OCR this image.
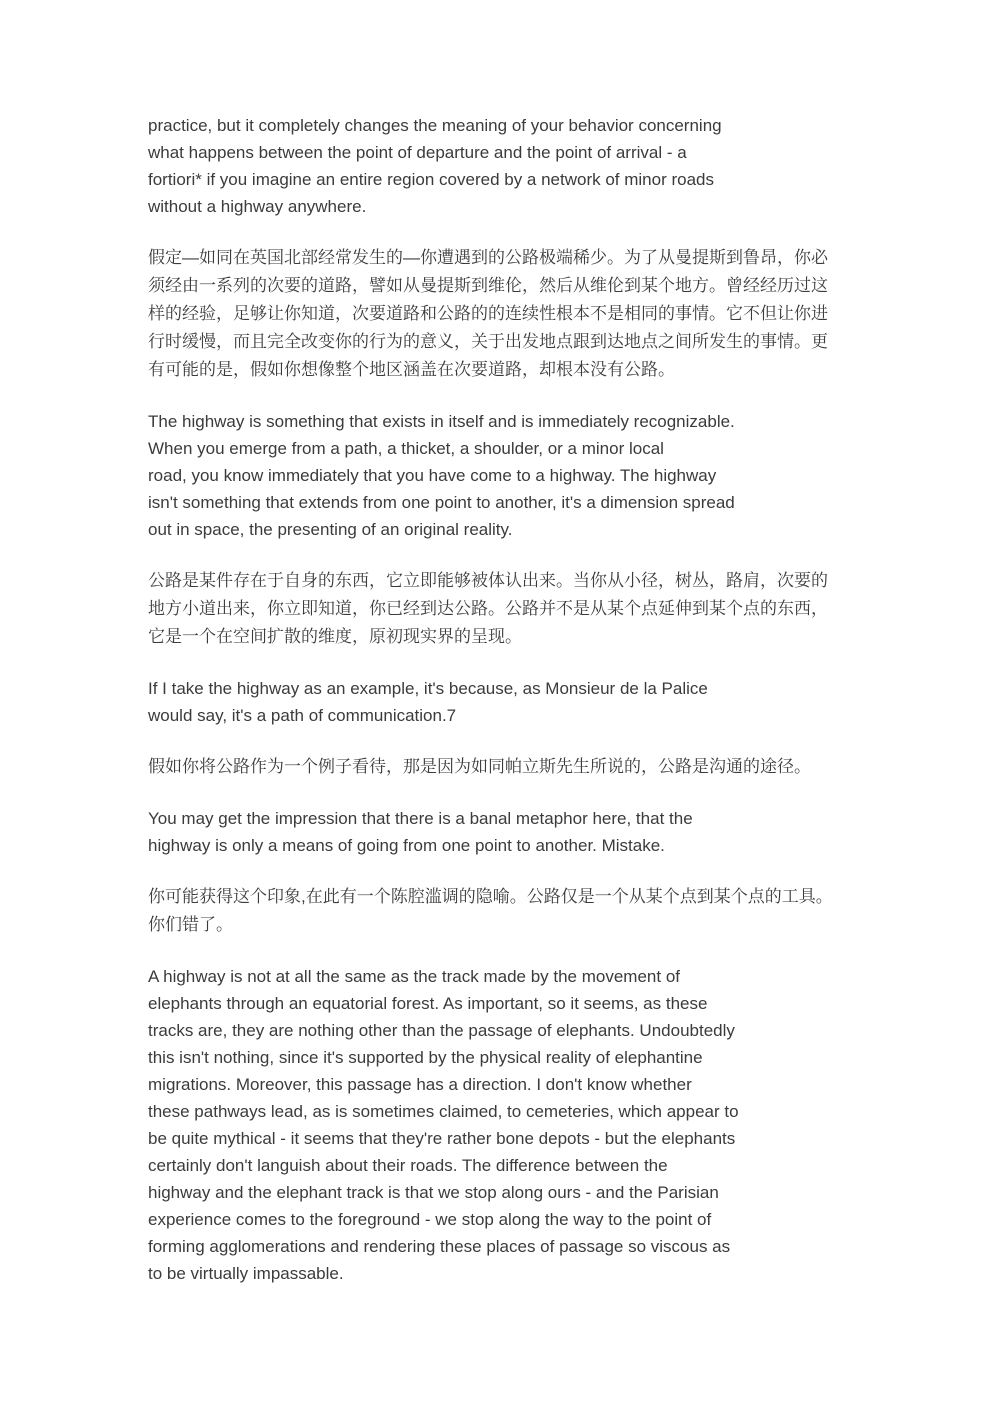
practice, but it completely changes the meaning of your behavior concerning
what happens between the point of departure and the point of arrival - a
fortiori* if you imagine an entire region covered by a network of minor roads
without a highway anywhere.
假定—如同在英国北部经常发生的—你遭遇到的公路极端稀少。为了从曼提斯到鲁昂，你必
须经由一系列的次要的道路，譬如从曼提斯到维伦，然后从维伦到某个地方。曾经经历过这
样的经验，足够让你知道，次要道路和公路的的连续性根本不是相同的事情。它不但让你进
行时缓慢，而且完全改变你的行为的意义，关于出发地点跟到达地点之间所发生的事情。更
有可能的是，假如你想像整个地区涵盖在次要道路，却根本没有公路。
The highway is something that exists in itself and is immediately recognizable.
When you emerge from a path, a thicket, a shoulder, or a minor local
road, you know immediately that you have come to a highway. The highway
isn't something that extends from one point to another, it's a dimension spread
out in space, the presenting of an original reality.
公路是某件存在于自身的东西，它立即能够被体认出来。当你从小径，树丛，路肩，次要的
地方小道出来，你立即知道，你已经到达公路。公路并不是从某个点延伸到某个点的东西，
它是一个在空间扩散的维度，原初现实界的呈现。
If I take the highway as an example, it's because, as Monsieur de la Palice
would say, it's a path of communication.7
假如你将公路作为一个例子看待，那是因为如同帕立斯先生所说的，公路是沟通的途径。
You may get the impression that there is a banal metaphor here, that the
highway is only a means of going from one point to another. Mistake.
你可能获得这个印象,在此有一个陈腔滥调的隐喻。公路仅是一个从某个点到某个点的工具。
你们错了。
A highway is not at all the same as the track made by the movement of
elephants through an equatorial forest. As important, so it seems, as these
tracks are, they are nothing other than the passage of elephants. Undoubtedly
this isn't nothing, since it's supported by the physical reality of elephantine
migrations. Moreover, this passage has a direction. I don't know whether
these pathways lead, as is sometimes claimed, to cemeteries, which appear to
be quite mythical - it seems that they're rather bone depots - but the elephants
certainly don't languish about their roads. The difference between the
highway and the elephant track is that we stop along ours - and the Parisian
experience comes to the foreground - we stop along the way to the point of
forming agglomerations and rendering these places of passage so viscous as
to be virtually impassable.
